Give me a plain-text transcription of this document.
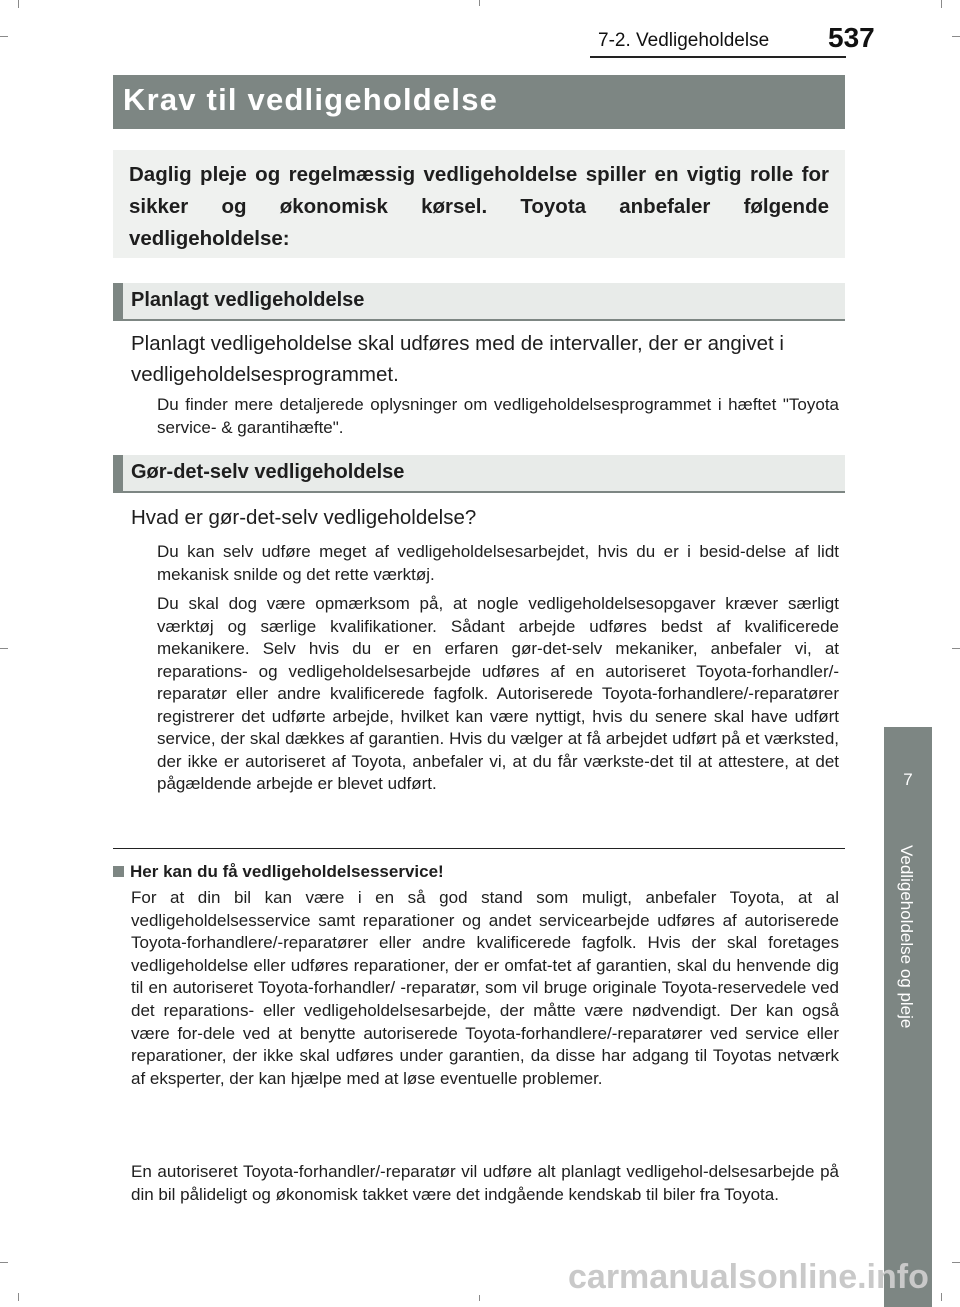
7-2. Vedligeholdelse 537
Krav til vedligeholdelse

Daglig pleje og regelmæssig vedligeholdelse spiller en vigtig rolle for sikker og økonomisk kørsel. Toyota anbefaler følgende vedligeholdelse:

Planlagt vedligeholdelse
Planlagt vedligeholdelse skal udføres med de intervaller, der er angivet i vedligeholdelsesprogrammet.

Du finder mere detaljerede oplysninger om vedligeholdelsesprogrammet i hæftet "Toyota service- & garantihæfte".

Gør-det-selv vedligeholdelse
Hvad er gør-det-selv vedligeholdelse?

Du kan selv udføre meget af vedligeholdelsesarbejdet, hvis du er i besid-delse af lidt mekanisk snilde og det rette værktøj.

Du skal dog være opmærksom på, at nogle vedligeholdelsesopgaver kræver særligt værktøj og særlige kvalifikationer. Sådant arbejde udføres bedst af kvalificerede mekanikere. Selv hvis du er en erfaren gør-det-selv mekaniker, anbefaler vi, at reparations- og vedligeholdelsesarbejde udføres af en autoriseret Toyota-forhandler/-reparatør eller andre kvalificerede fagfolk. Autoriserede Toyota-forhandlere/-reparatører registrerer det udførte arbejde, hvilket kan være nyttigt, hvis du senere skal have udført service, der skal dækkes af garantien. Hvis du vælger at få arbejdet udført på et værksted, der ikke er autoriseret af Toyota, anbefaler vi, at du får værkste-det til at attestere, at det pågældende arbejde er blevet udført.

Her kan du få vedligeholdelsesservice!

For at din bil kan være i en så god stand som muligt, anbefaler Toyota, at al vedligeholdelsesservice samt reparationer og andet servicearbejde udføres af autoriserede Toyota-forhandlere/-reparatører eller andre kvalificerede fagfolk. Hvis der skal foretages vedligeholdelse eller udføres reparationer, der er omfat-tet af garantien, skal du henvende dig til en autoriseret Toyota-forhandler/ -reparatør, som vil bruge originale Toyota-reservedele ved det reparations- eller vedligeholdelsesarbejde, der måtte være nødvendigt. Der kan også være for-dele ved at benytte autoriserede Toyota-forhandlere/-reparatører ved service eller reparationer, der ikke skal udføres under garantien, da disse har adgang til Toyotas netværk af eksperter, der kan hjælpe med at løse eventuelle problemer.

En autoriseret Toyota-forhandler/-reparatør vil udføre alt planlagt vedligehol-delsesarbejde på din bil pålideligt og økonomisk takket være det indgående kendskab til biler fra Toyota.

7
Vedligeholdelse og pleje
carmanualsonline.info
